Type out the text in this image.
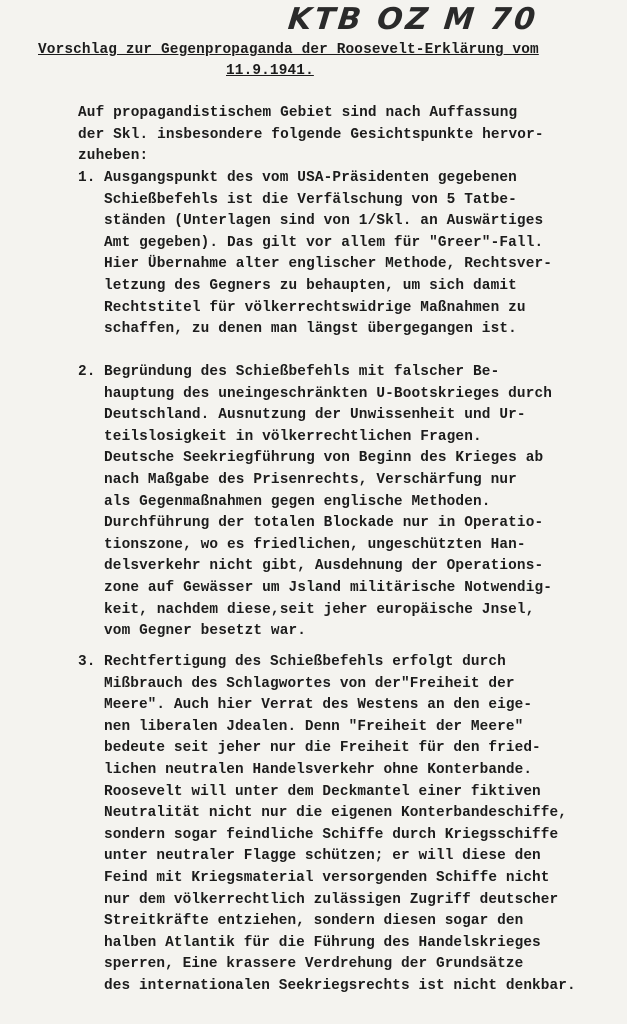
KTB OZ M 70
Vorschlag zur Gegenpropaganda der Roosevelt-Erklärung vom
11.9.1941.
Auf propagandistischem Gebiet sind nach Auffassung
der Skl. insbesondere folgende Gesichtspunkte hervor-
zuheben:
1. Ausgangspunkt des vom USA-Präsidenten gegebenen
Schießbefehls ist die Verfälschung von 5 Tatbe-
ständen (Unterlagen sind von 1/Skl. an Auswärtiges
Amt gegeben). Das gilt vor allem für "Greer"-Fall.
Hier Übernahme alter englischer Methode, Rechtsver-
letzung des Gegners zu behaupten, um sich damit
Rechtstitel für völkerrechtswidrige Maßnahmen zu
schaffen, zu denen man längst übergegangen ist.
2. Begründung des Schießbefehls mit falscher Be-
hauptung des uneingeschränkten U-Bootskrieges durch
Deutschland. Ausnutzung der Unwissenheit und Ur-
teilslosigkeit in völkerrechtlichen Fragen.
Deutsche Seekriegführung von Beginn des Krieges ab
nach Maßgabe des Prisenrechts, Verschärfung nur
als Gegenmaßnahmen gegen englische Methoden.
Durchführung der totalen Blockade nur in Operatio-
tionszone, wo es friedlichen, ungeschützten Han-
delsverkehr nicht gibt, Ausdehnung der Operations-
zone auf Gewässer um Jsland militärische Notwendig-
keit, nachdem diese,seit jeher europäische Jnsel,
vom Gegner besetzt war.
3. Rechtfertigung des Schießbefehls erfolgt durch
Mißbrauch des Schlagwortes von der"Freiheit der
Meere". Auch hier Verrat des Westens an den eige-
nen liberalen Jdealen. Denn "Freiheit der Meere"
bedeute seit jeher nur die Freiheit für den fried-
lichen neutralen Handelsverkehr ohne Konterbande.
Roosevelt will unter dem Deckmantel einer fiktiven
Neutralität nicht nur die eigenen Konterbandeschiffe,
sondern sogar feindliche Schiffe durch Kriegsschiffe
unter neutraler Flagge schützen; er will diese den
Feind mit Kriegsmaterial versorgenden Schiffe nicht
nur dem völkerrechtlich zulässigen Zugriff deutscher
Streitkräfte entziehen, sondern diesen sogar den
halben Atlantik für die Führung des Handelskrieges
sperren, Eine krassere Verdrehung der Grundsätze
des internationalen Seekriegsrechts ist nicht denkbar.
